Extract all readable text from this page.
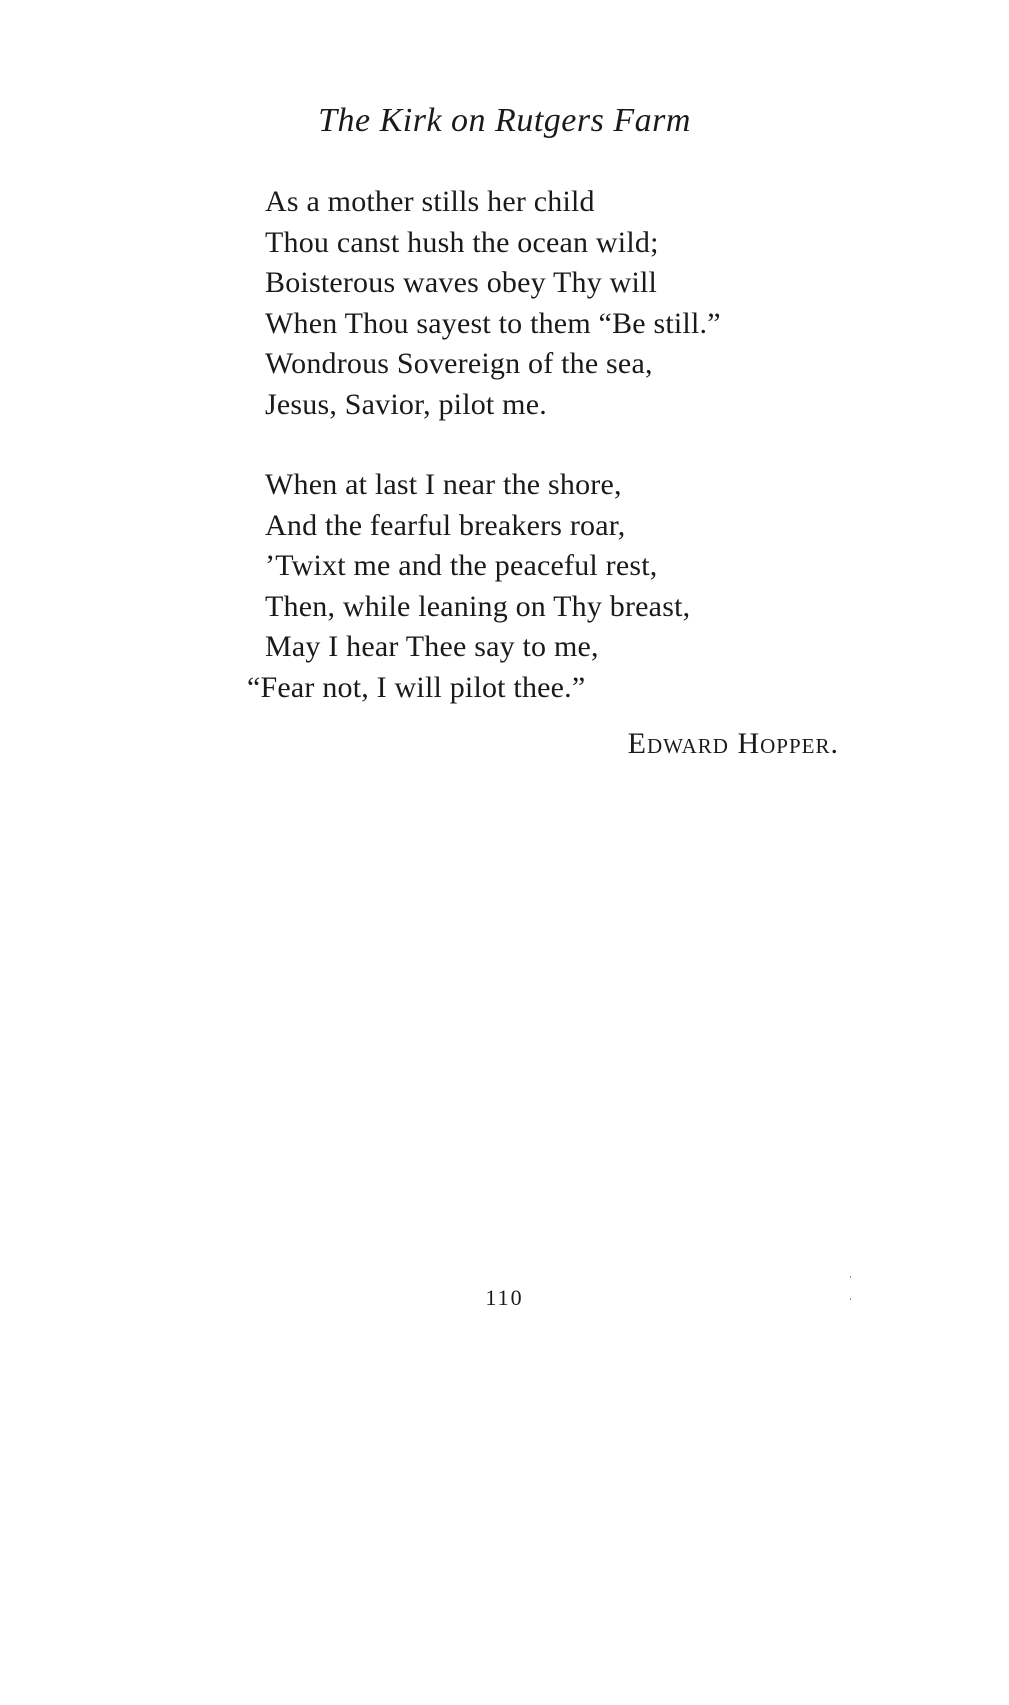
The Kirk on Rutgers Farm
As a mother stills her child
Thou canst hush the ocean wild;
Boisterous waves obey Thy will
When Thou sayest to them “Be still.”
Wondrous Sovereign of the sea,
Jesus, Savior, pilot me.
When at last I near the shore,
And the fearful breakers roar,
’Twixt me and the peaceful rest,
Then, while leaning on Thy breast,
May I hear Thee say to me,
“Fear not, I will pilot thee.”

Edward Hopper.

110
